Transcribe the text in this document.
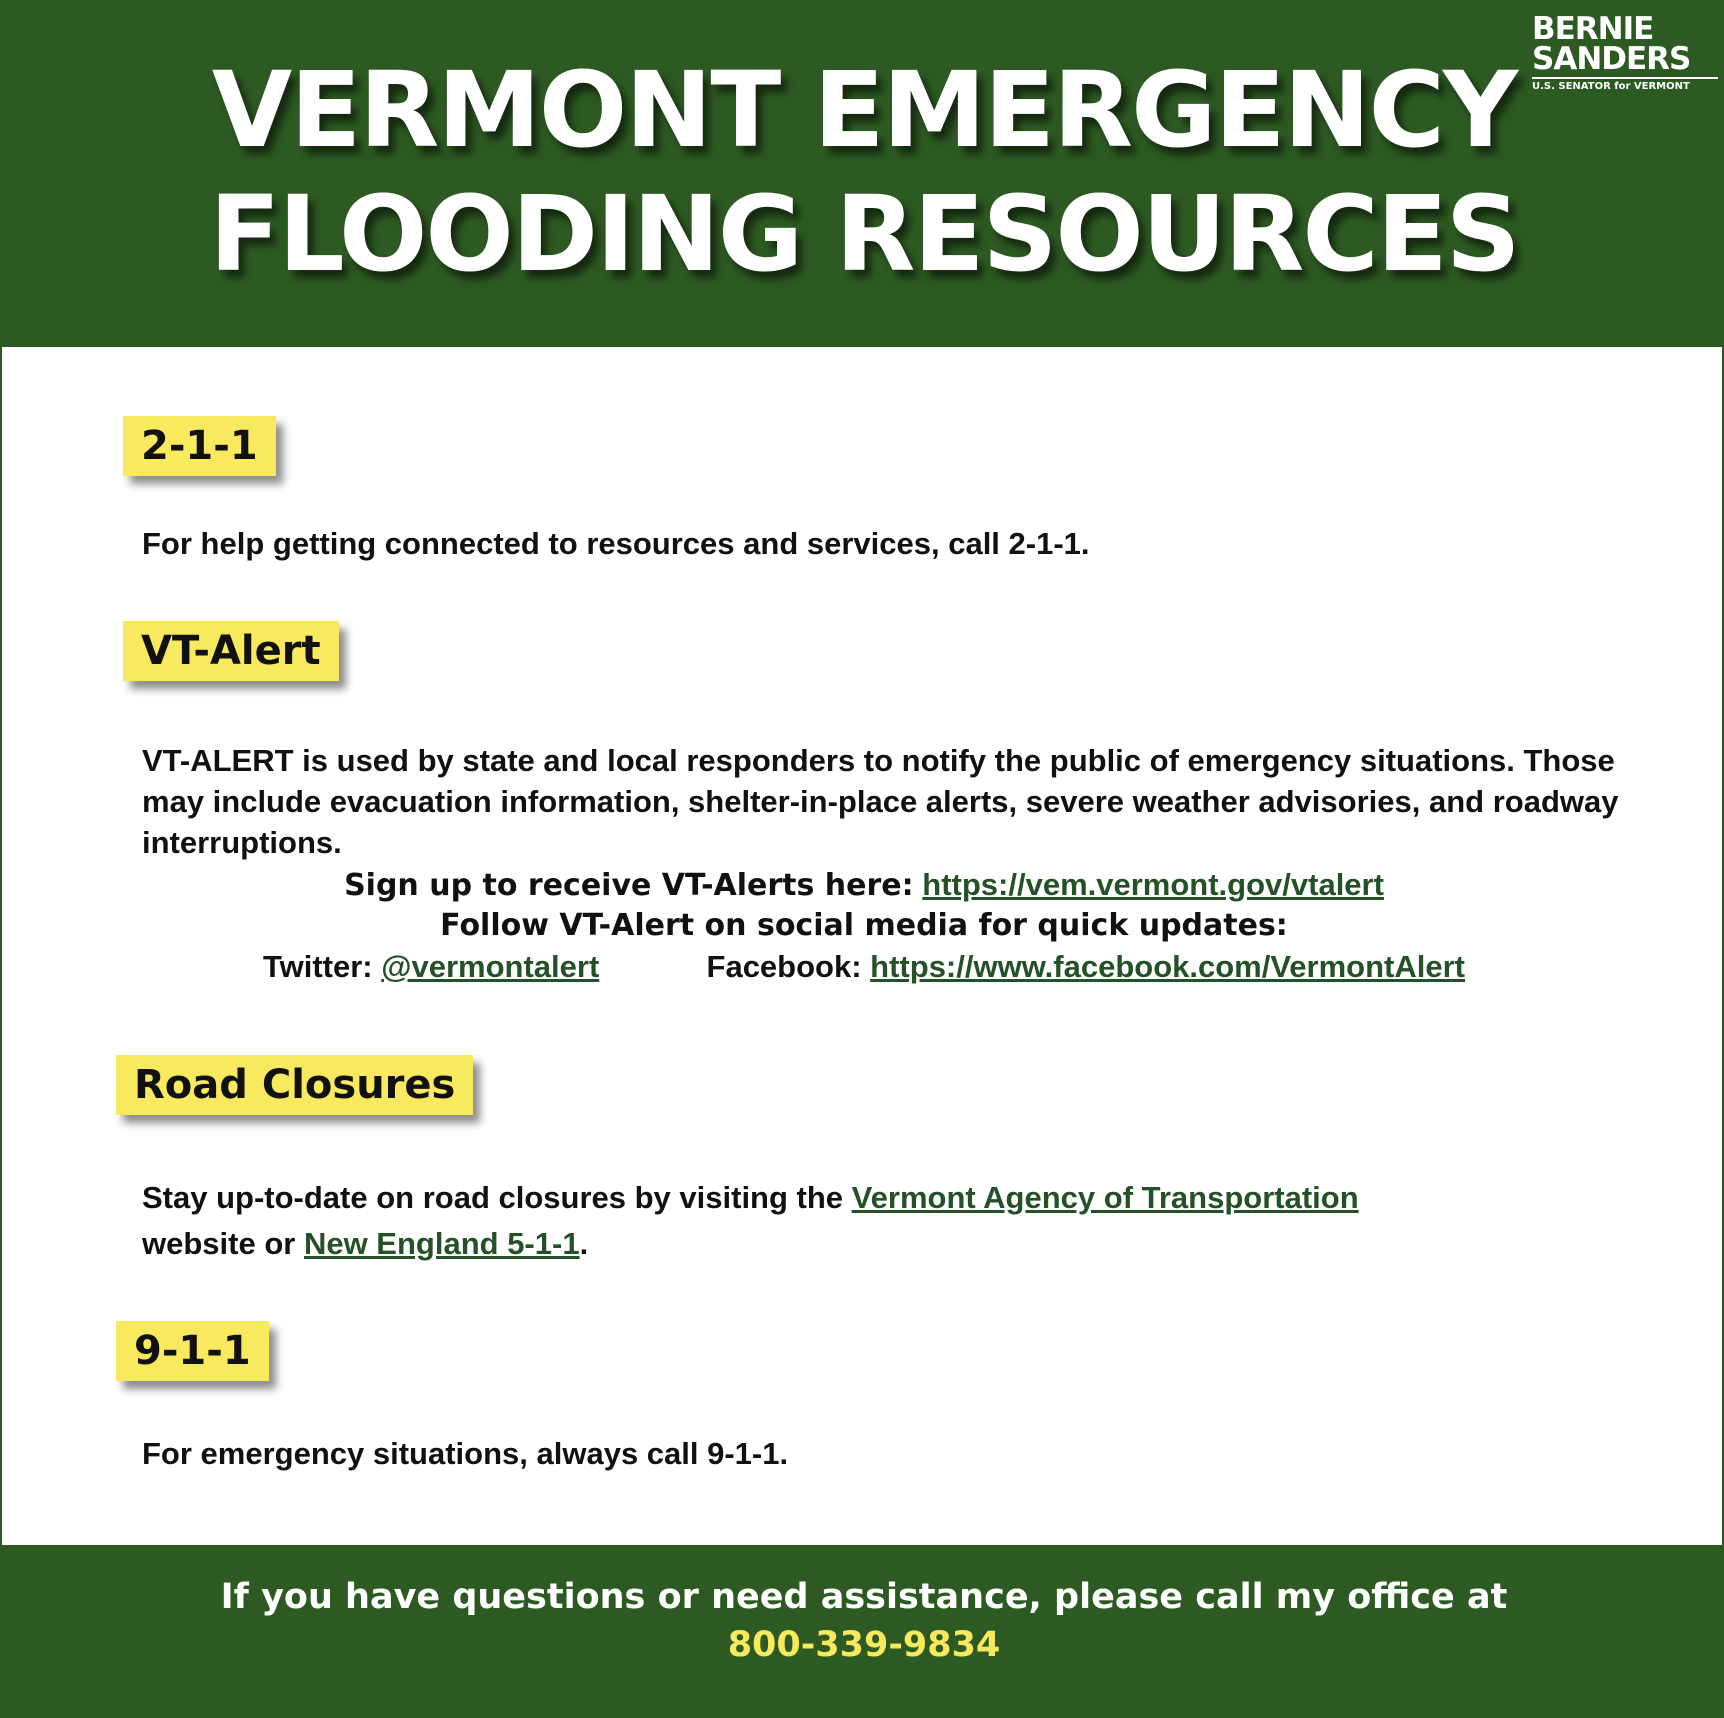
VERMONT EMERGENCY
FLOODING RESOURCES
BERNIE
SANDERS
U.S. SENATOR for VERMONT
2-1-1
For help getting connected to resources and services, call 2-1-1.
VT-Alert
VT-ALERT is used by state and local responders to notify the public of emergency situations. Those may include evacuation information, shelter-in-place alerts, severe weather advisories, and roadway interruptions.
Sign up to receive VT-Alerts here: https://vem.vermont.gov/vtalert
Follow VT-Alert on social media for quick updates:
Twitter: @vermontalert	Facebook: https://www.facebook.com/VermontAlert
Road Closures
Stay up-to-date on road closures by visiting the Vermont Agency of Transportation
website or New England 5-1-1.
9-1-1
For emergency situations, always call 9-1-1.
If you have questions or need assistance, please call my office at
800-339-9834
